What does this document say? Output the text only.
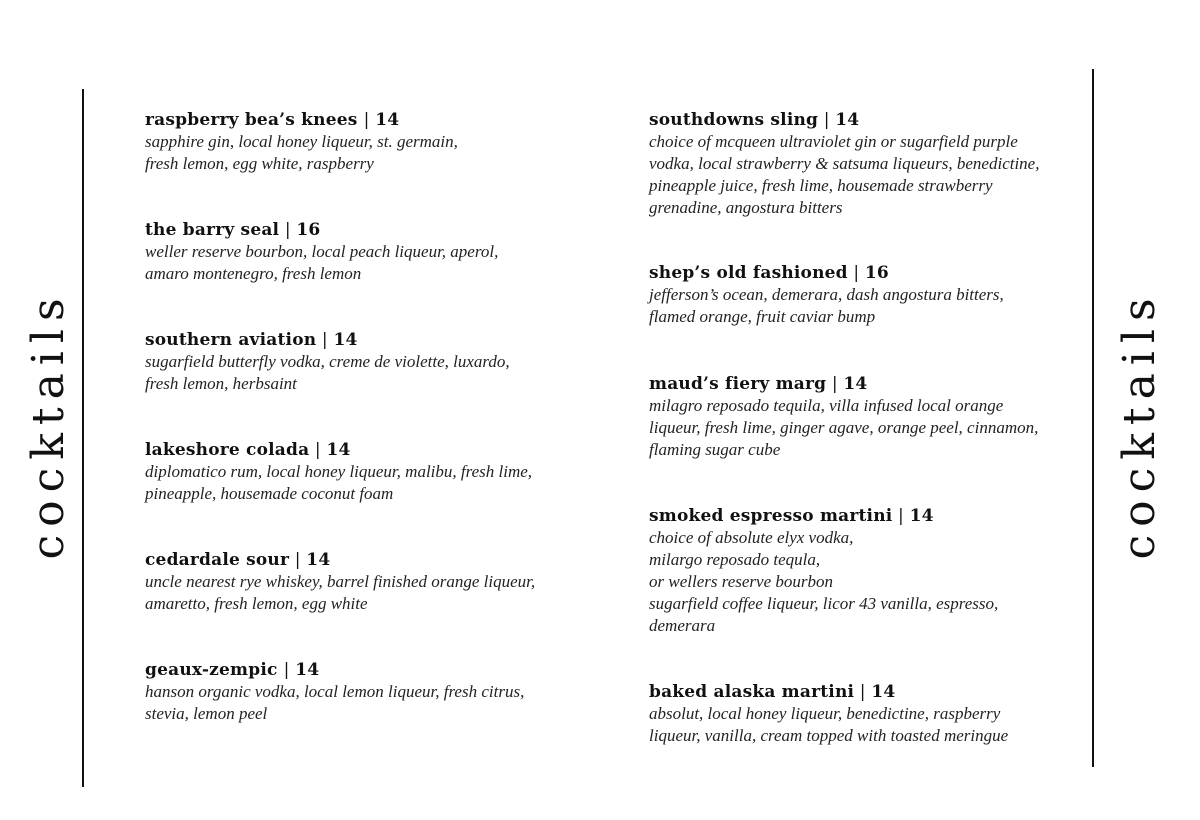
cocktails
raspberry bea’s knees | 14
sapphire gin, local honey liqueur, st. germain,
fresh lemon, egg white, raspberry
the barry seal | 16
weller reserve bourbon, local peach liqueur, aperol,
amaro montenegro, fresh lemon
southern aviation | 14
sugarfield butterfly vodka, creme de violette, luxardo,
fresh lemon, herbsaint
lakeshore colada | 14
diplomatico rum, local honey liqueur, malibu, fresh lime,
pineapple, housemade coconut foam
cedardale sour | 14
uncle nearest rye whiskey, barrel finished orange liqueur,
amaretto, fresh lemon, egg white
geaux-zempic | 14
hanson organic vodka, local lemon liqueur, fresh citrus,
stevia, lemon peel
southdowns sling | 14
choice of mcqueen ultraviolet gin or sugarfield purple
vodka, local strawberry & satsuma liqueurs, benedictine,
pineapple juice, fresh lime, housemade strawberry
grenadine, angostura bitters
shep’s old fashioned | 16
jefferson’s ocean, demerara, dash angostura bitters,
flamed orange, fruit caviar bump
maud’s fiery marg | 14
milagro reposado tequila, villa infused local orange
liqueur, fresh lime, ginger agave, orange peel, cinnamon,
flaming sugar cube
smoked espresso martini | 14
choice of absolute elyx vodka,
milargo reposado tequla,
or wellers reserve bourbon
sugarfield coffee liqueur, licor 43 vanilla, espresso,
demerara
baked alaska martini | 14
absolut, local honey liqueur, benedictine, raspberry
liqueur, vanilla, cream topped with toasted meringue
cocktails
